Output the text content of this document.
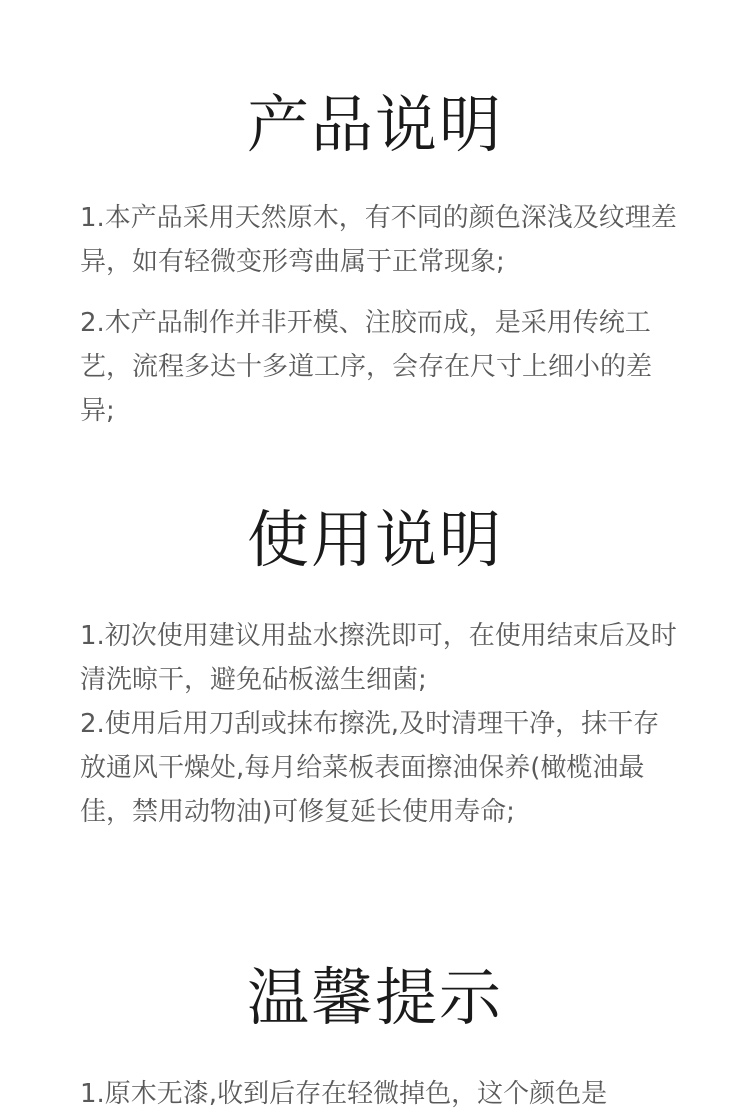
产品说明

1.本产品采用天然原木，有不同的颜色深浅及纹理差异，如有轻微变形弯曲属于正常现象;

2.木产品制作并非开模、注胶而成，是采用传统工艺，流程多达十多道工序，会存在尺寸上细小的差异;

使用说明

1.初次使用建议用盐水擦洗即可，在使用结束后及时清洗晾干，避免砧板滋生细菌;

2.使用后用刀刮或抹布擦洗,及时清理干净，抹干存放通风干燥处,每月给菜板表面擦油保养(橄榄油最佳，禁用动物油)可修复延长使用寿命;

温馨提示

1.原木无漆,收到后存在轻微掉色，这个颜色是
